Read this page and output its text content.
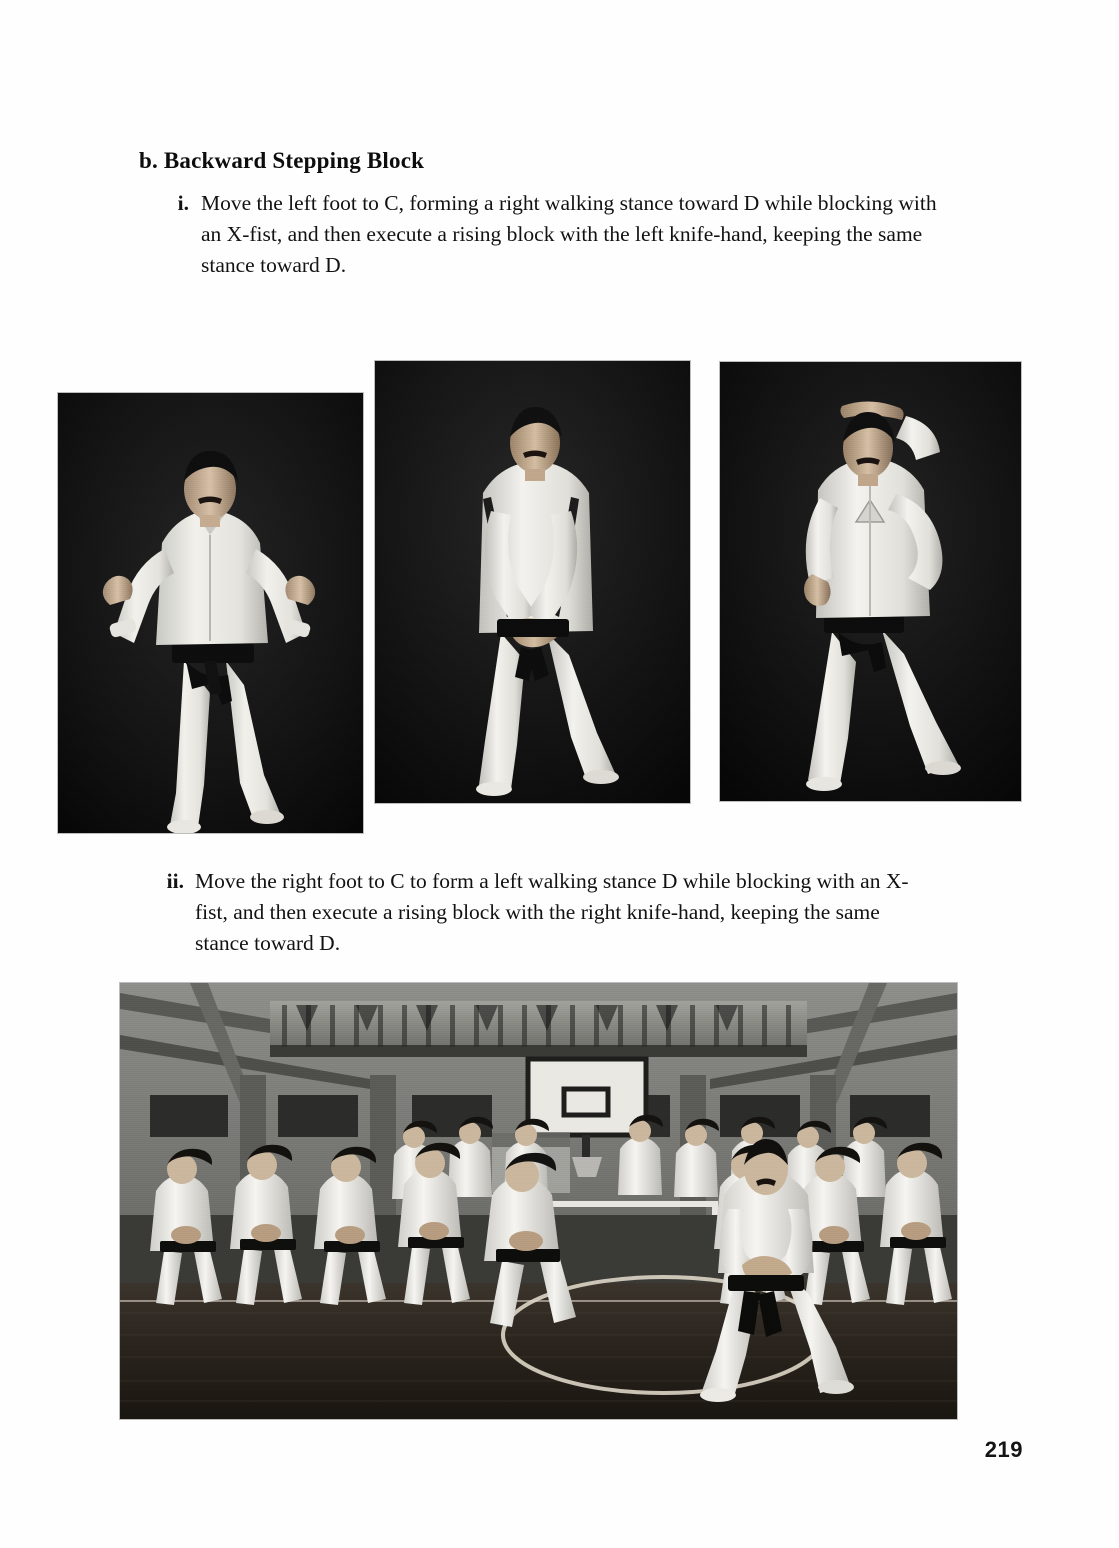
b. Backward Stepping Block
i. Move the left foot to C, forming a right walking stance toward D while blocking with an X-fist, and then execute a rising block with the left knife-hand, keeping the same stance toward D.
ii. Move the right foot to C to form a left walking stance D while blocking with an X-fist, and then execute a rising block with the right knife-hand, keeping the same stance toward D.
219
